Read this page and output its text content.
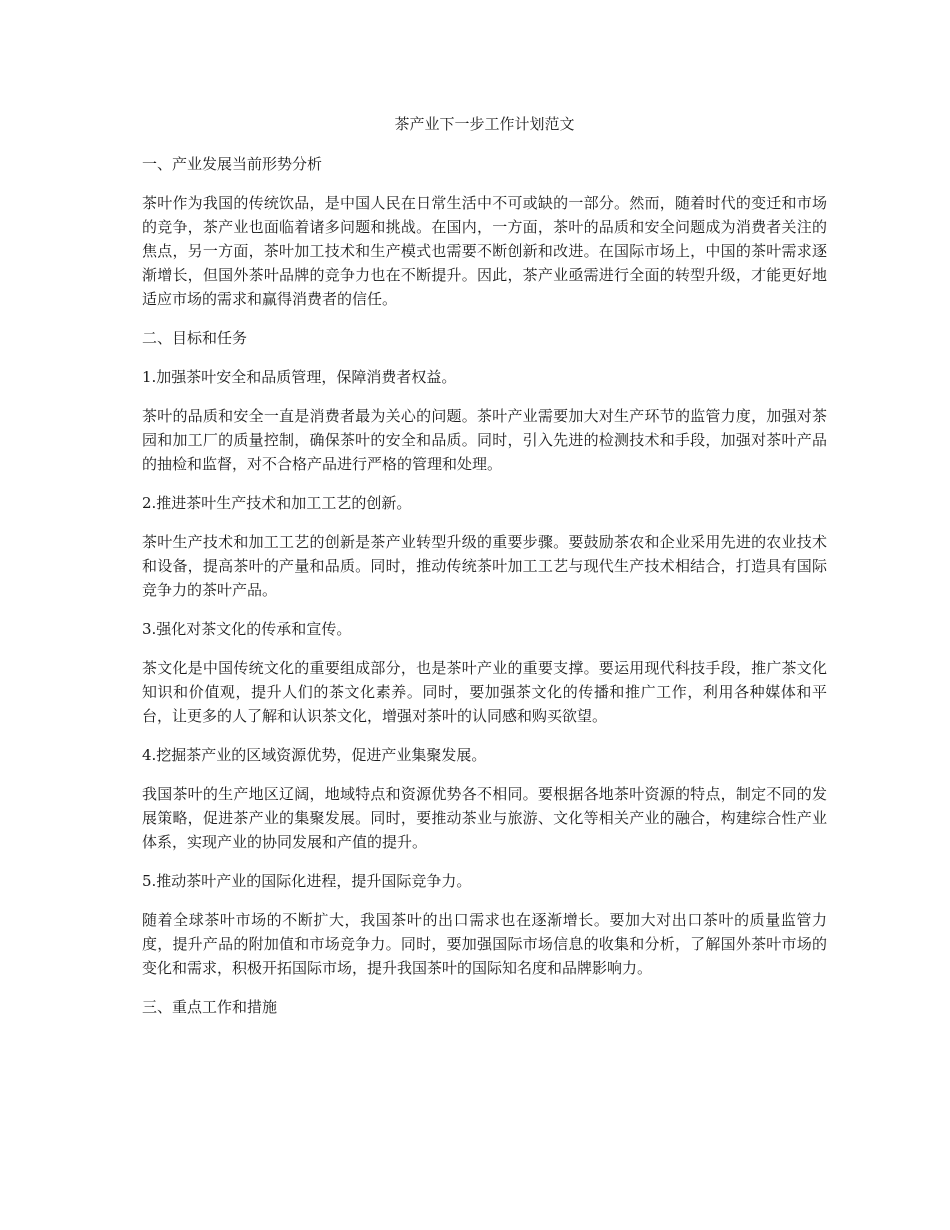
茶产业下一步工作计划范文

一、产业发展当前形势分析

茶叶作为我国的传统饮品，是中国人民在日常生活中不可或缺的一部分。然而，随着时代的变迁和市场的竞争，茶产业也面临着诸多问题和挑战。在国内，一方面，茶叶的品质和安全问题成为消费者关注的焦点，另一方面，茶叶加工技术和生产模式也需要不断创新和改进。在国际市场上，中国的茶叶需求逐渐增长，但国外茶叶品牌的竞争力也在不断提升。因此，茶产业亟需进行全面的转型升级，才能更好地适应市场的需求和赢得消费者的信任。

二、目标和任务

1.加强茶叶安全和品质管理，保障消费者权益。

茶叶的品质和安全一直是消费者最为关心的问题。茶叶产业需要加大对生产环节的监管力度，加强对茶园和加工厂的质量控制，确保茶叶的安全和品质。同时，引入先进的检测技术和手段，加强对茶叶产品的抽检和监督，对不合格产品进行严格的管理和处理。

2.推进茶叶生产技术和加工工艺的创新。

茶叶生产技术和加工工艺的创新是茶产业转型升级的重要步骤。要鼓励茶农和企业采用先进的农业技术和设备，提高茶叶的产量和品质。同时，推动传统茶叶加工工艺与现代生产技术相结合，打造具有国际竞争力的茶叶产品。

3.强化对茶文化的传承和宣传。

茶文化是中国传统文化的重要组成部分，也是茶叶产业的重要支撑。要运用现代科技手段，推广茶文化知识和价值观，提升人们的茶文化素养。同时，要加强茶文化的传播和推广工作，利用各种媒体和平台，让更多的人了解和认识茶文化，增强对茶叶的认同感和购买欲望。

4.挖掘茶产业的区域资源优势，促进产业集聚发展。

我国茶叶的生产地区辽阔，地域特点和资源优势各不相同。要根据各地茶叶资源的特点，制定不同的发展策略，促进茶产业的集聚发展。同时，要推动茶业与旅游、文化等相关产业的融合，构建综合性产业体系，实现产业的协同发展和产值的提升。

5.推动茶叶产业的国际化进程，提升国际竞争力。

随着全球茶叶市场的不断扩大，我国茶叶的出口需求也在逐渐增长。要加大对出口茶叶的质量监管力度，提升产品的附加值和市场竞争力。同时，要加强国际市场信息的收集和分析，了解国外茶叶市场的变化和需求，积极开拓国际市场，提升我国茶叶的国际知名度和品牌影响力。

三、重点工作和措施
